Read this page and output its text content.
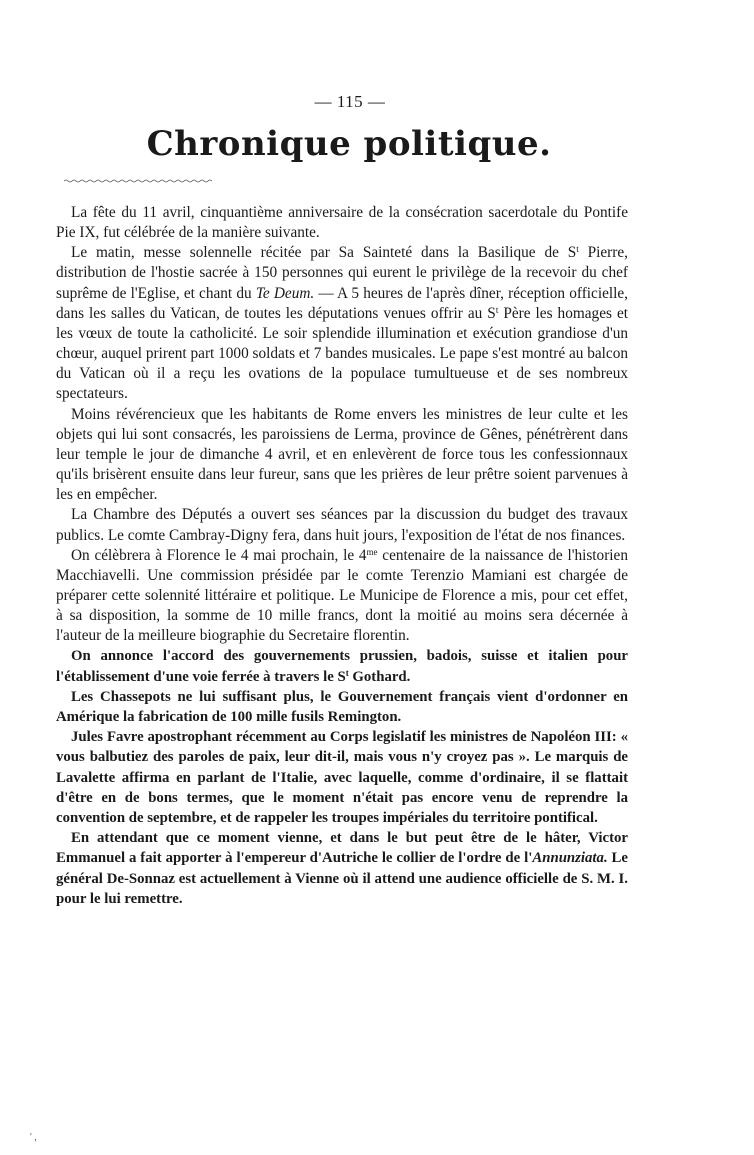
— 115 —
Chronique politique.

La fête du 11 avril, cinquantième anniversaire de la consécration sacerdotale du Pontife Pie IX, fut célébrée de la manière suivante.

Le matin, messe solennelle récitée par Sa Sainteté dans la Basilique de $S^t$ Pierre, distribution de l'hostie sacrée à 150 personnes qui eurent le privilège de la recevoir du chef suprême de l'Eglise, et chant du Te Deum. — A 5 heures de l'après dîner, réception officielle, dans les salles du Vatican, de toutes les députations venues offrir au $S^t$ Père les homages et les vœux de toute la catholicité. Le soir splendide illumination et exécution grandiose d'un chœur, auquel prirent part 1000 soldats et 7 bandes musicales. Le pape s'est montré au balcon du Vatican où il a reçu les ovations de la populace tumultueuse et de ses nombreux spectateurs.

Moins révérencieux que les habitants de Rome envers les ministres de leur culte et les objets qui lui sont consacrés, les paroissiens de Lerma, province de Gênes, pénétrèrent dans leur temple le jour de dimanche 4 avril, et en enlevèrent de force tous les confessionnaux qu'ils brisèrent ensuite dans leur fureur, sans que les prières de leur prêtre soient parvenues à les en empêcher.

La Chambre des Députés a ouvert ses séances par la discussion du budget des travaux publics. Le comte Cambray-Digny fera, dans huit jours, l'exposition de l'état de nos finances.

On célèbrera à Florence le 4 mai prochain, le $4^{me}$ centenaire de la naissance de l'historien Macchiavelli. Une commission présidée par le comte Terenzio Mamiani est chargée de préparer cette solennité littéraire et politique. Le Municipe de Florence a mis, pour cet effet, à sa disposition, la somme de 10 mille francs, dont la moitié au moins sera décernée à l'auteur de la meilleure biographie du Secretaire florentin.

On annonce l'accord des gouvernements prussien, badois, suisse et italien pour l'établissement d'une voie ferrée à travers le $S^t$ Gothard.

Les Chassepots ne lui suffisant plus, le Gouvernement français vient d'ordonner en Amérique la fabrication de 100 mille fusils Remington.

Jules Favre apostrophant récemment au Corps legislatif les ministres de Napoléon III: « vous balbutiez des paroles de paix, leur dit-il, mais vous n'y croyez pas ». Le marquis de Lavalette affirma en parlant de l'Italie, avec laquelle, comme d'ordinaire, il se flattait d'être en de bons termes, que le moment n'était pas encore venu de reprendre la convention de septembre, et de rappeler les troupes impériales du territoire pontifical.

En attendant que ce moment vienne, et dans le but peut être de le hâter, Victor Emmanuel a fait apporter à l'empereur d'Autriche le collier de l'ordre de l'Annunziata. Le général De-Sonnaz est actuellement à Vienne où il attend une audience officielle de S. M. I. pour le lui remettre.

' ,
